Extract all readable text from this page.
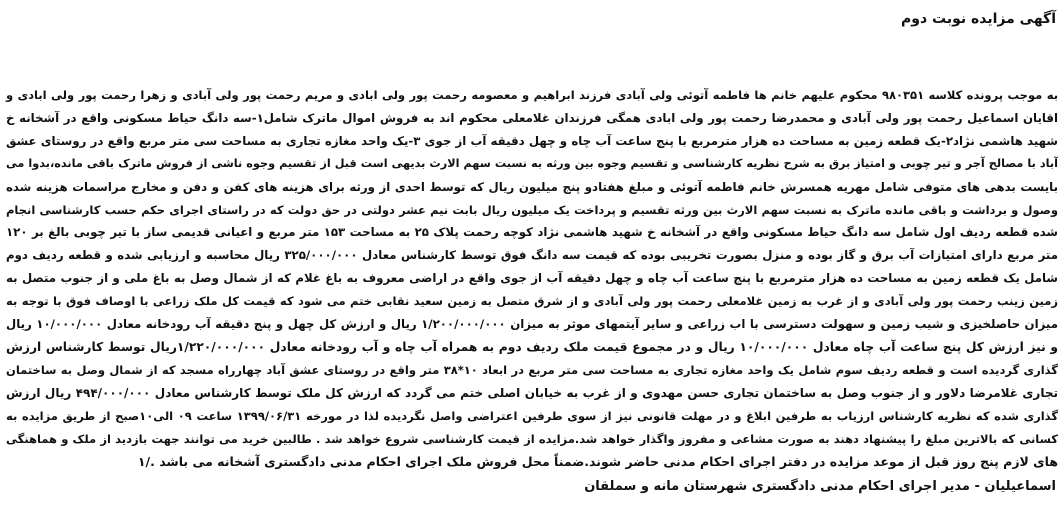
آگهی مزایده نوبت دوم
به موجب پرونده کلاسه ۹۸۰۳۵۱ محکوم علیهم خانم ها فاطمه آتوئی ولی آبادی فرزند ابراهیم و معصومه رحمت پور ولی ابادی و مریم رحمت پور ولی آبادی و زهرا رحمت پور ولی ابادی و
اقایان اسماعیل رحمت پور ولی آبادی و محمدرضا رحمت پور ولی ابادی همگی فرزندان غلامعلی محکوم اند به فروش اموال ماترک شامل۱-سه دانگ حیاط مسکونی واقع در آشخانه خ
شهید هاشمی نژاد۲-یک قطعه زمین به مساحت ده هزار مترمربع با پنج ساعت آب چاه و چهل دقیقه آب از جوی ۳-یک واحد مغازه تجاری به مساحت سی متر مربع واقع در روستای عشق
آباد با مصالح آجر و تیر چوبی و امتیاز برق به شرح نظریه کارشناسی و تقسیم وجوه بین ورثه به نسبت سهم الارث بدیهی است قبل از تقسیم وجوه ناشی از فروش ماترک باقی مانده،بدوا می
بایست بدهی های متوفی شامل مهریه همسرش خانم فاطمه آتوئی و مبلغ هفتادو پنج میلیون ریال که توسط احدی از ورثه برای هزینه های کفن و دفن و مخارج مراسمات هزینه شده
وصول و برداشت و باقی مانده ماترک به نسبت سهم الارث بین ورثه تقسیم و پرداخت یک میلیون ریال بابت نیم عشر دولتی در حق دولت که در راستای اجرای حکم حسب کارشناسی انجام
شده قطعه ردیف اول شامل سه دانگ حیاط مسکونی واقع در آشخانه خ شهید هاشمی نژاد کوچه رحمت پلاک ۲۵ به مساحت ۱۵۳ متر مربع و اعیانی قدیمی ساز با تیر چوبی بالغ بر ۱۲۰
متر مربع دارای امتیازات آب برق و گاز بوده و منزل بصورت تخریبی بوده که قیمت سه دانگ فوق توسط کارشناس معادل ۳۲۵/۰۰۰/۰۰۰ ریال محاسبه و ارزیابی شده و قطعه ردیف دوم
شامل یک قطعه زمین به مساحت ده هزار مترمربع با پنج ساعت آب چاه و چهل دقیقه آب از جوی واقع در اراضی معروف به باغ غلام که از شمال وصل به باغ ملی و از جنوب متصل به
زمین زینب رحمت پور ولی آبادی و از غرب به زمین غلامعلی رحمت پور ولی آبادی و از شرق متصل به زمین سعید نقابی ختم می شود که قیمت کل ملک زراعی با اوصاف فوق با توجه به
میزان حاصلخیزی و شیب زمین و سهولت دسترسی با اب زراعی و سایر آیتمهای موثر به میزان ۱/۲۰۰/۰۰۰/۰۰۰ ریال و ارزش کل چهل و پنج دقیقه آب رودخانه معادل ۱۰/۰۰۰/۰۰۰ ریال
و نیز ارزش کل پنج ساعت آب چاه معادل ۱۰/۰۰۰/۰۰۰ ریال و در مجموع قیمت ملک ردیف دوم به همراه آب چاه و آب رودخانه معادل ۱/۲۲۰/۰۰۰/۰۰۰ریال توسط کارشناس ارزش
گذاری گردیده است و قطعه ردیف سوم شامل یک واحد مغازه تجاری به مساحت سی متر مربع در ابعاد ۱۰*۳۸ متر واقع در روستای عشق آباد چهارراه مسجد که از شمال وصل به ساختمان
تجاری غلامرضا دلاور و از جنوب وصل به ساختمان تجاری حسن مهدوی و از غرب به خیابان اصلی ختم می گردد که ارزش کل ملک توسط کارشناس معادل ۴۹۴/۰۰۰/۰۰۰ ریال ارزش
گذاری شده که نظریه کارشناس ارزیاب به طرفین ابلاغ و در مهلت قانونی نیز از سوی طرفین اعتراضی واصل نگردیده لذا در مورخه ۱۳۹۹/۰۶/۳۱ ساعت ۰۹ الی۱۰صبح از طریق مزایده به
کسانی که بالاترین مبلغ را پیشنهاد دهند به صورت مشاعی و مفروز واگذار خواهد شد.مزایده از قیمت کارشناسی شروع خواهد شد . طالبین خرید می توانند جهت بازدید از ملک و هماهنگی
های لازم پنج روز قبل از موعد مزایده در دفتر اجرای احکام مدنی حاضر شوند.ضمناً محل فروش ملک اجرای احکام مدنی دادگستری آشخانه می باشد ./۱
اسماعیلیان - مدیر اجرای احکام مدنی دادگستری شهرستان مانه و سملقان
